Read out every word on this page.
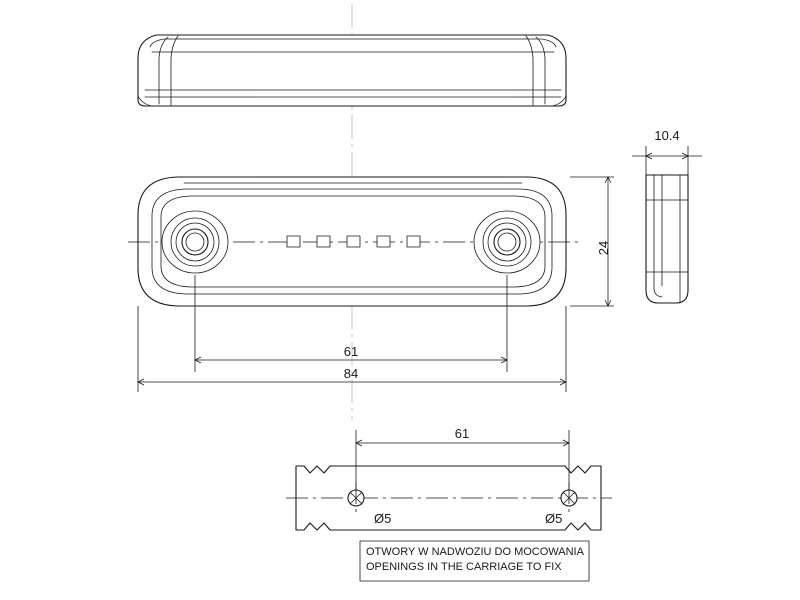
24
61
84
10.4
Ø5	Ø5
61
OTWORY W NADWOZIU DO MOCOWANIA
OPENINGS IN THE CARRIAGE TO FIX
